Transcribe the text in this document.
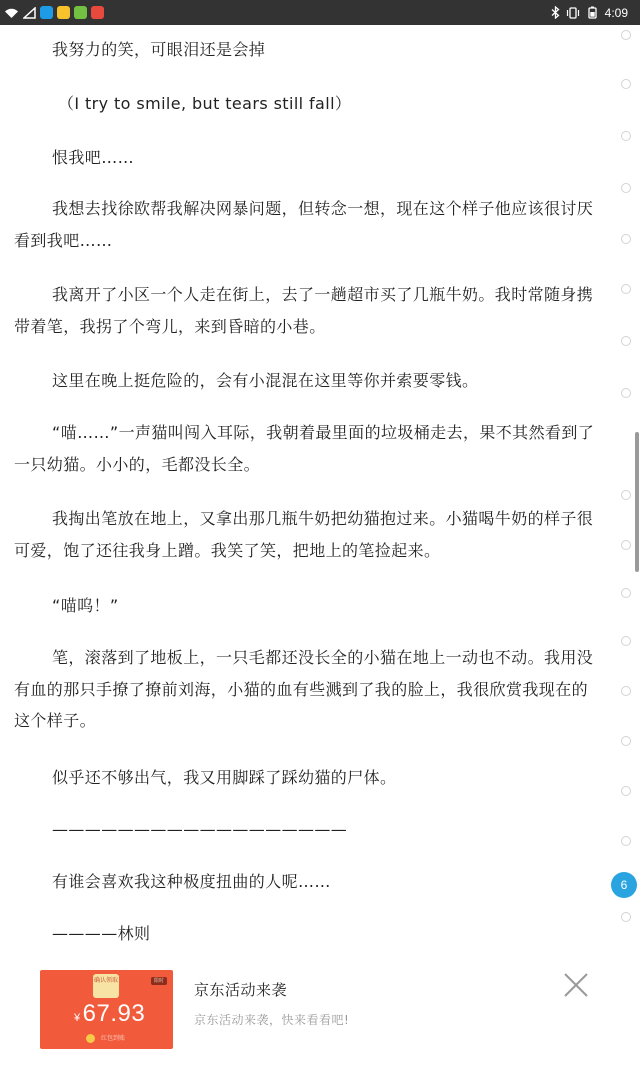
4:09

我努力的笑，可眼泪还是会掉

（I try to smile, but tears still fall）

恨我吧……

我想去找徐欧帮我解决网暴问题，但转念一想，现在这个样子他应该很讨厌看到我吧……

我离开了小区一个人走在街上，去了一趟超市买了几瓶牛奶。我时常随身携带着笔，我拐了个弯儿，来到昏暗的小巷。

这里在晚上挺危险的，会有小混混在这里等你并索要零钱。

“喵……”一声猫叫闯入耳际，我朝着最里面的垃圾桶走去，果不其然看到了一只幼猫。小小的，毛都没长全。

我掏出笔放在地上，又拿出那几瓶牛奶把幼猫抱过来。小猫喝牛奶的样子很可爱，饱了还往我身上蹭。我笑了笑，把地上的笔捡起来。

“喵呜！”

笔，滚落到了地板上，一只毛都还没长全的小猫在地上一动也不动。我用没有血的那只手撩了撩前刘海，小猫的血有些溅到了我的脸上，我很欣赏我现在的这个样子。

似乎还不够出气，我又用脚踩了踩幼猫的尸体。

——————————————————

有谁会喜欢我这种极度扭曲的人呢……

————林则

6
确认领取	限时
¥67.93
红包到账
京东活动来袭
京东活动来袭，快来看看吧!
